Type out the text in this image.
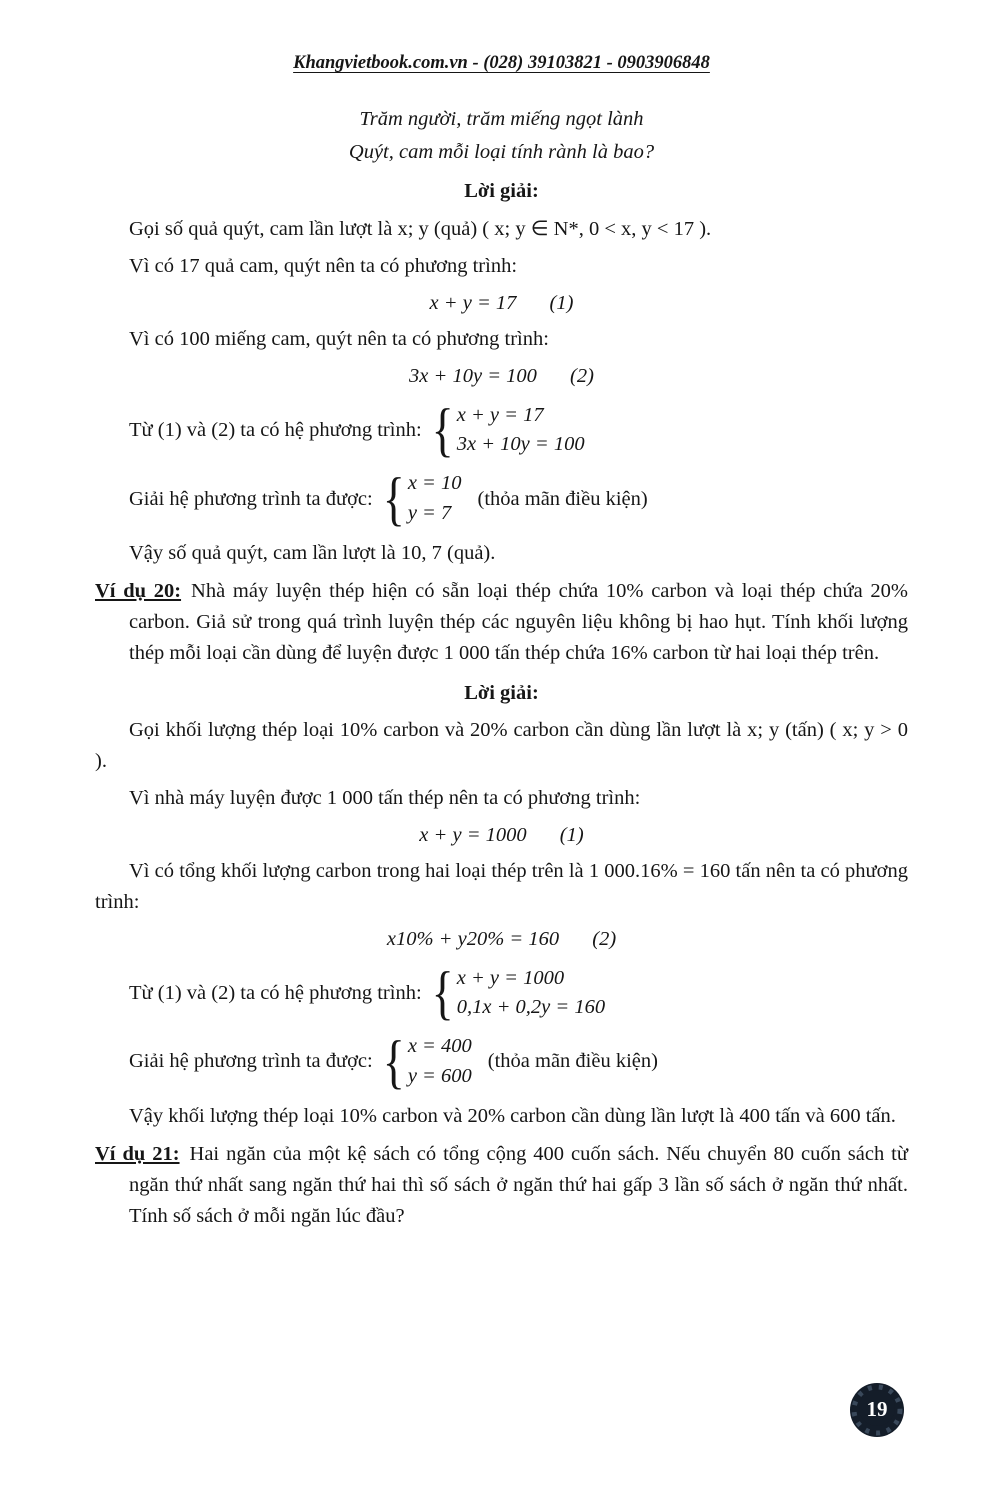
Khangvietbook.com.vn - (028) 39103821 - 0903906848
Trăm người, trăm miếng ngọt lành
Quýt, cam mỗi loại tính rành là bao?
Lời giải:

Gọi số quả quýt, cam lần lượt là x; y (quả) ( x; y ∈ N*, 0 < x, y < 17 ).

Vì có 17 quả cam, quýt nên ta có phương trình:

x + y = 17 (1)

Vì có 100 miếng cam, quýt nên ta có phương trình:

3x + 10y = 100 (2)
Từ (1) và (2) ta có hệ phương trình: { x + y = 17
3x + 10y = 100
Giải hệ phương trình ta được: { x = 10
y = 7
(thỏa mãn điều kiện)

Vậy số quả quýt, cam lần lượt là 10, 7 (quả).

Ví dụ 20: Nhà máy luyện thép hiện có sẵn loại thép chứa 10% carbon và loại thép chứa 20% carbon. Giả sử trong quá trình luyện thép các nguyên liệu không bị hao hụt. Tính khối lượng thép mỗi loại cần dùng để luyện được 1 000 tấn thép chứa 16% carbon từ hai loại thép trên.

Lời giải:

Gọi khối lượng thép loại 10% carbon và 20% carbon cần dùng lần lượt là x; y (tấn) ( x; y > 0 ).

Vì nhà máy luyện được 1 000 tấn thép nên ta có phương trình:

x + y = 1000 (1)

Vì có tổng khối lượng carbon trong hai loại thép trên là 1 000.16% = 160 tấn nên ta có phương trình:

x10% + y20% = 160 (2)
Từ (1) và (2) ta có hệ phương trình: { x + y = 1000
0,1x + 0,2y = 160
Giải hệ phương trình ta được: { x = 400
y = 600
(thỏa mãn điều kiện)

Vậy khối lượng thép loại 10% carbon và 20% carbon cần dùng lần lượt là 400 tấn và 600 tấn.

Ví dụ 21: Hai ngăn của một kệ sách có tổng cộng 400 cuốn sách. Nếu chuyển 80 cuốn sách từ ngăn thứ nhất sang ngăn thứ hai thì số sách ở ngăn thứ hai gấp 3 lần số sách ở ngăn thứ nhất. Tính số sách ở mỗi ngăn lúc đầu?

19
